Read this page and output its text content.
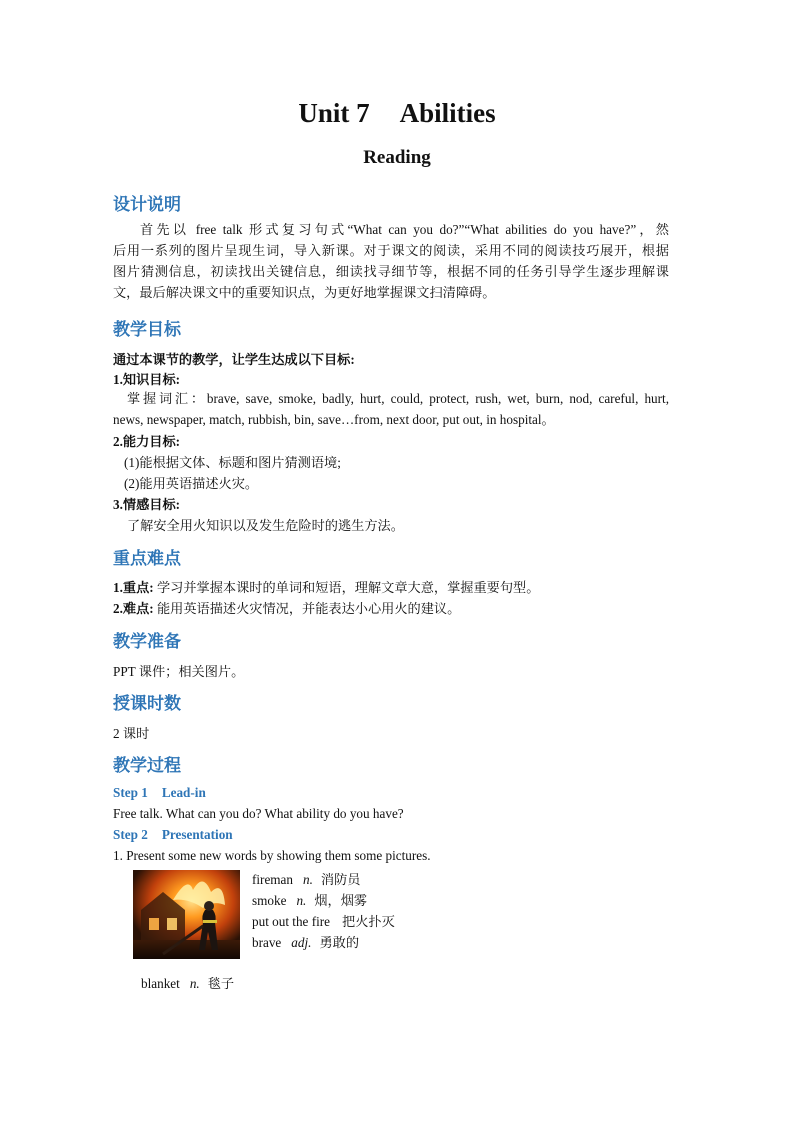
Unit 7 Abilities
Reading
设计说明
首先以 free talk 形式复习句式“What can you do?”“What abilities do you have?”，然
后用一系列的图片呈现生词，导入新课。对于课文的阅读，采用不同的阅读技巧展开，根据
图片猜测信息，初读找出关键信息，细读找寻细节等，根据不同的任务引导学生逐步理解课
文，最后解决课文中的重要知识点，为更好地掌握课文扫清障碍。
教学目标
通过本课节的教学，让学生达成以下目标:
1.知识目标:
掌握词汇：brave, save, smoke, badly, hurt, could, protect, rush, wet, burn, nod, careful, hurt,
news, newspaper, match, rubbish, bin, save…from, next door, put out, in hospital。
2.能力目标:
(1)能根据文体、标题和图片猜测语境;
(2)能用英语描述火灾。
3.情感目标:
了解安全用火知识以及发生危险时的逃生方法。
重点难点
1.重点: 学习并掌握本课时的单词和短语，理解文章大意，掌握重要句型。
2.难点: 能用英语描述火灾情况，并能表达小心用火的建议。
教学准备
PPT 课件；相关图片。
授课时数
2 课时
教学过程
Step 1 Lead-in
Free talk. What can you do? What ability do you have?
Step 2 Presentation
1. Present some new words by showing them some pictures.
fireman n. 消防员
smoke n. 烟，烟雾
put out the fire 把火扑灭
brave adj. 勇敢的
blanket n. 毯子
